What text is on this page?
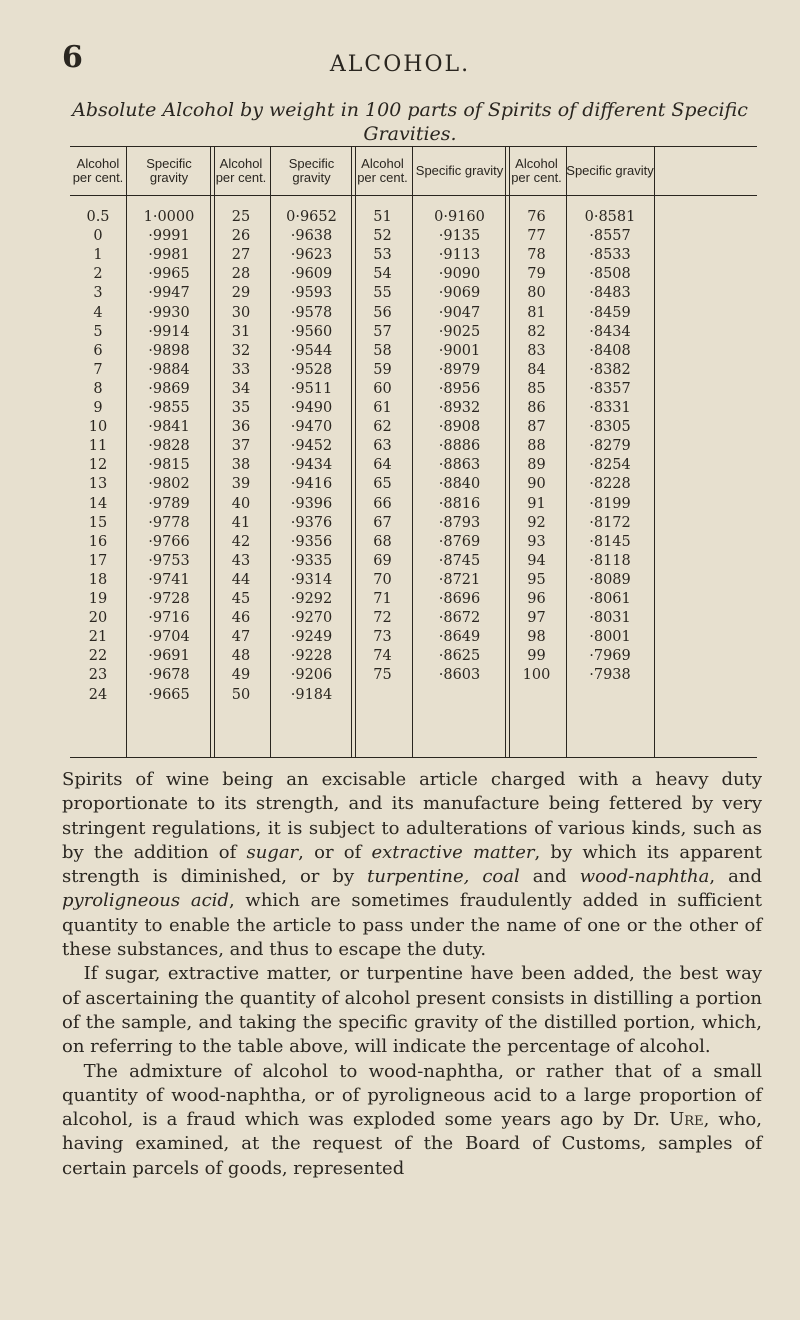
6	ALCOHOL.
Absolute Alcohol by weight in 100 parts of Spirits of different Specific Gravities.
Alcohol per cent.
Specific gravity
Alcohol per cent.
Specific gravity
Alcohol per cent. Specific gravity Alcohol per cent. Specific gravity
0.5
0
1
2
3
4
5
6
7
8
9
10
11
12
13
14
15
16
17
18
19
20
21
22
23
24
1·0000
·9991
·9981
·9965
·9947
·9930
·9914
·9898
·9884
·9869
·9855
·9841
·9828
·9815
·9802
·9789
·9778
·9766
·9753
·9741
·9728
·9716
·9704
·9691
·9678
·9665
25
26
27
28
29
30
31
32
33
34
35
36
37
38
39
40
41
42
43
44
45
46
47
48
49
50
0·9652
·9638
·9623
·9609
·9593
·9578
·9560
·9544
·9528
·9511
·9490
·9470
·9452
·9434
·9416
·9396
·9376
·9356
·9335
·9314
·9292
·9270
·9249
·9228
·9206
·9184
51
52
53
54
55
56
57
58
59
60
61
62
63
64
65
66
67
68
69
70
71
72
73
74
75
0·9160
·9135
·9113
·9090
·9069
·9047
·9025
·9001
·8979
·8956
·8932
·8908
·8886
·8863
·8840
·8816
·8793
·8769
·8745
·8721
·8696
·8672
·8649
·8625
·8603
76
77
78
79
80
81
82
83
84
85
86
87
88
89
90
91
92
93
94
95
96
97
98
99
100
0·8581
·8557
·8533
·8508
·8483
·8459
·8434
·8408
·8382
·8357
·8331
·8305
·8279
·8254
·8228
·8199
·8172
·8145
·8118
·8089
·8061
·8031
·8001
·7969
·7938

Spirits of wine being an excisable article charged with a heavy duty proportionate to its strength, and its manufacture being fettered by very stringent regulations, it is subject to adulterations of various kinds, such as by the addition of sugar, or of extractive matter, by which its apparent strength is diminished, or by turpentine, coal and wood-naphtha, and pyroligneous acid, which are sometimes fraudulently added in sufficient quantity to enable the article to pass under the name of one or the other of these substances, and thus to escape the duty.

If sugar, extractive matter, or turpentine have been added, the best way of ascertaining the quantity of alcohol present consists in distilling a portion of the sample, and taking the specific gravity of the distilled portion, which, on referring to the table above, will indicate the percentage of alcohol.

The admixture of alcohol to wood-naphtha, or rather that of a small quantity of wood-naphtha, or of pyroligneous acid to a large proportion of alcohol, is a fraud which was exploded some years ago by Dr. Ure, who, having examined, at the request of the Board of Customs, samples of certain parcels of goods, represented
